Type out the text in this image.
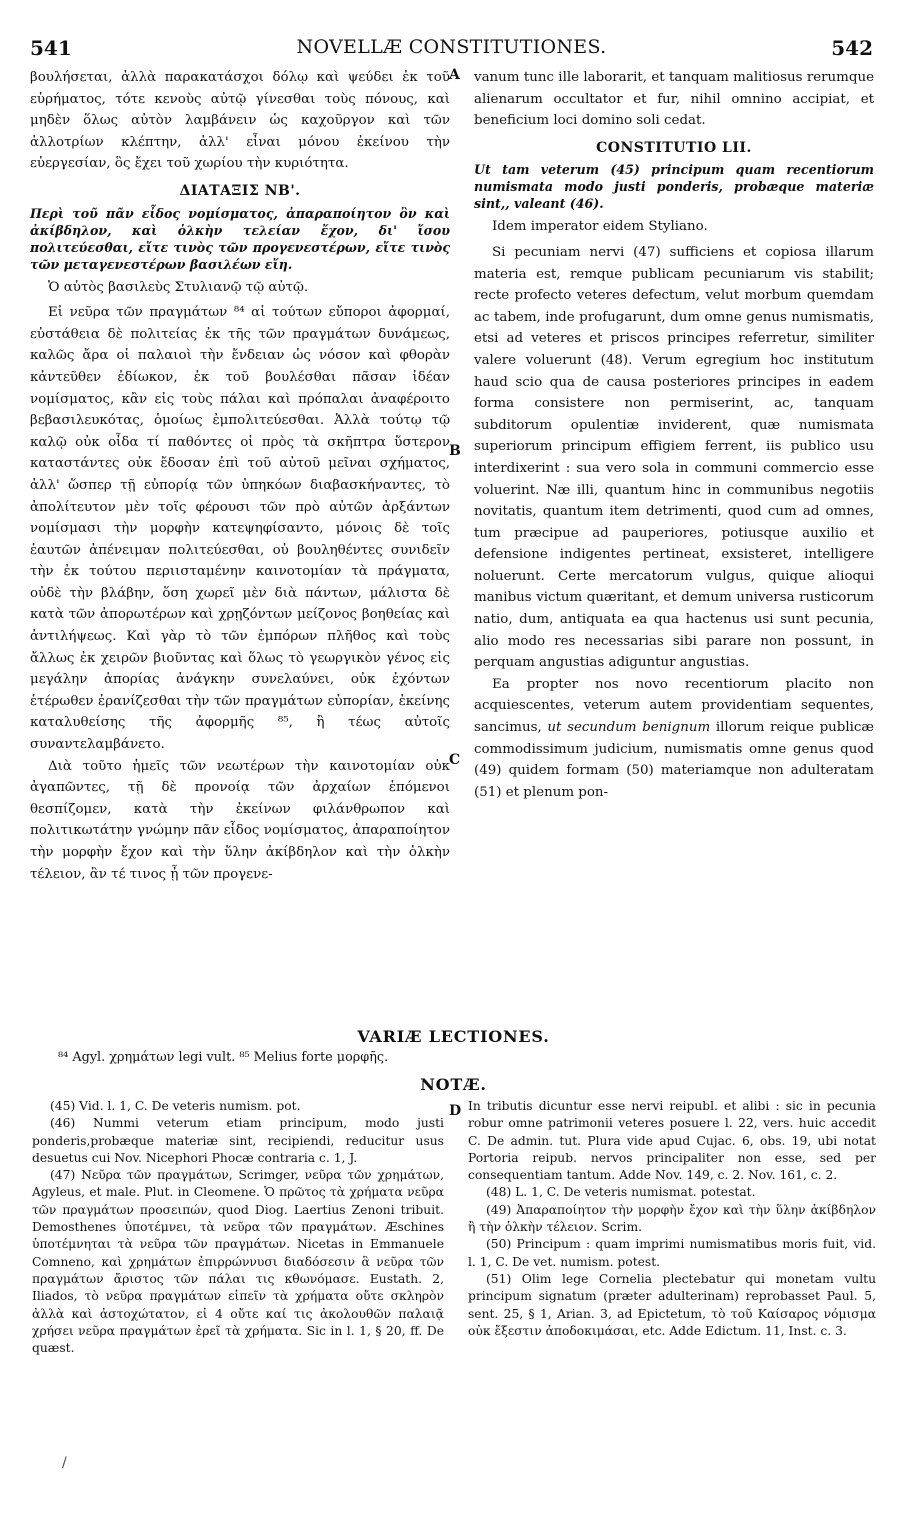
541	NOVELLÆ CONSTITUTIONES.	542

βουλήσεται, ἀλλὰ παρακατάσχοι δόλῳ καὶ ψεύδει ἐκ τοῦ εὑρήματος, τότε κενοὺς αὐτῷ γίνεσθαι τοὺς πόνους, καὶ μηδὲν ὅλως αὐτὸν λαμβάνειν ὡς καχοῦργον καὶ τῶν ἀλλοτρίων κλέπτην, ἀλλ' εἶναι μόνου ἐκείνου τὴν εὐεργεσίαν, ὃς ἔχει τοῦ χωρίου τὴν κυριότητα.

ΔΙΑΤΑΞΙΣ ΝΒ'.

Περὶ τοῦ πᾶν εἶδος νομίσματος, ἀπαραποίητον ὂν καὶ ἀκίβδηλον, καὶ ὁλκὴν τελείαν ἔχον, δι' ἴσου πολιτεύεσθαι, εἴτε τινὸς τῶν προγενεστέρων, εἴτε τινὸς τῶν μεταγενεστέρων βασιλέων εἴη.

Ὁ αὐτὸς βασιλεὺς Στυλιανῷ τῷ αὐτῷ.

Εἰ νεῦρα τῶν πραγμάτων ⁸⁴ αἱ τούτων εὔποροι ἀφορμαί, εὐστάθεια δὲ πολιτείας ἐκ τῆς τῶν πραγμάτων δυνάμεως, καλῶς ἄρα οἱ παλαιοὶ τὴν ἔνδειαν ὡς νόσον καὶ φθορὰν κἀντεῦθεν ἐδίωκον, ἐκ τοῦ βουλέσθαι πᾶσαν ἰδέαν νομίσματος, κἂν εἰς τοὺς πάλαι καὶ πρόπαλαι ἀναφέροιτο βεβασιλευκότας, ὁμοίως ἐμπολιτεύεσθαι. Ἀλλὰ τούτῳ τῷ καλῷ οὐκ οἶδα τί παθόντες οἱ πρὸς τὰ σκῆπτρα ὕστερον καταστάντες οὐκ ἔδοσαν ἐπὶ τοῦ αὐτοῦ μεῖναι σχήματος, ἀλλ' ὥσπερ τῇ εὐπορίᾳ τῶν ὑπηκόων διαβασκήναντες, τὸ ἀπολίτευτον μὲν τοῖς φέρουσι τῶν πρὸ αὐτῶν ἀρξάντων νομίσμασι τὴν μορφὴν κατεψηφίσαντο, μόνοις δὲ τοῖς ἑαυτῶν ἀπένειμαν πολιτεύεσθαι, οὐ βουληθέντες συνιδεῖν τὴν ἐκ τούτου περιισταμένην καινοτομίαν τὰ πράγματα, οὐδὲ τὴν βλάβην, ὅση χωρεῖ μὲν διὰ πάντων, μάλιστα δὲ κατὰ τῶν ἀπορωτέρων καὶ χρῃζόντων μείζονος βοηθείας καὶ ἀντιλήψεως. Καὶ γὰρ τὸ τῶν ἐμπόρων πλῆθος καὶ τοὺς ἄλλως ἐκ χειρῶν βιοῦντας καὶ ὅλως τὸ γεωργικὸν γένος εἰς μεγάλην ἀπορίας ἀνάγκην συνελαύνει, οὐκ ἐχόντων ἑτέρωθεν ἐρανίζεσθαι τὴν τῶν πραγμάτων εὐπορίαν, ἐκείνης καταλυθείσης τῆς ἀφορμῆς ⁸⁵, ἢ τέως αὐτοῖς συναντελαμβάνετο.

Διὰ τοῦτο ἡμεῖς τῶν νεωτέρων τὴν καινοτομίαν οὐκ ἀγαπῶντες, τῇ δὲ προνοίᾳ τῶν ἀρχαίων ἑπόμενοι θεσπίζομεν, κατὰ τὴν ἐκείνων φιλάνθρωπον καὶ πολιτικωτάτην γνώμην πᾶν εἶδος νομίσματος, ἀπαραποίητον τὴν μορφὴν ἔχον καὶ τὴν ὕλην ἀκίβδηλον καὶ τὴν ὁλκὴν τέλειον, ἂν τέ τινος ᾖ τῶν προγενε-

A
B
C
D

vanum tunc ille laborarit, et tanquam malitiosus rerumque alienarum occultator et fur, nihil omnino accipiat, et beneficium loci domino soli cedat.

CONSTITUTIO LII.

Ut tam veterum (45) principum quam recentiorum numismata modo justi ponderis, probæque materiæ sint,, valeant (46).

Idem imperator eidem Styliano.

Si pecuniam nervi (47) sufficiens et copiosa illarum materia est, remque publicam pecuniarum vis stabilit; recte profecto veteres defectum, velut morbum quemdam ac tabem, inde profugarunt, dum omne genus numismatis, etsi ad veteres et priscos principes referretur, similiter valere voluerunt (48). Verum egregium hoc institutum haud scio qua de causa posteriores principes in eadem forma consistere non permiserint, ac, tanquam subditorum opulentiæ inviderent, quæ numismata superiorum principum effigiem ferrent, iis publico usu interdixerint : sua vero sola in communi commercio esse voluerint. Næ illi, quantum hinc in communibus negotiis novitatis, quantum item detrimenti, quod cum ad omnes, tum præcipue ad pauperiores, potiusque auxilio et defensione indigentes pertineat, exsisteret, intelligere noluerunt. Certe mercatorum vulgus, quique alioqui manibus victum quæritant, et demum universa rusticorum natio, dum, antiquata ea qua hactenus usi sunt pecunia, alio modo res necessarias sibi parare non possunt, in perquam angustias adiguntur angustias.

Ea propter nos novo recentiorum placito non acquiescentes, veterum autem providentiam sequentes, sancimus, ut secundum benignum illorum reique publicæ commodissimum judicium, numismatis omne genus quod (49) quidem formam (50) materiamque non adulteratam (51) et plenum pon-

VARIÆ LECTIONES.
⁸⁴ Agyl. χρημάτων legi vult. ⁸⁵ Melius forte μορφῆς.
NOTÆ.

(45) Vid. l. 1, C. De veteris numism. pot.

(46) Nummi veterum etiam principum, modo justi ponderis,probæque materiæ sint, recipiendi, reducitur usus desuetus cui Nov. Nicephori Phocæ contraria c. 1, J.

(47) Νεῦρα τῶν πραγμάτων, Scrimger, νεῦρα τῶν χρημάτων, Agyleus, et male. Plut. in Cleomene. Ὁ πρῶτος τὰ χρήματα νεῦρα τῶν πραγμάτων προσειπών, quod Diog. Laertius Zenoni tribuit. Demosthenes ὑποτέμνει, τὰ νεῦρα τῶν πραγμάτων. Æschines ὑποτέμνηται τὰ νεῦρα τῶν πραγμάτων. Nicetas in Emmanuele Comneno, καὶ χρημάτων ἐπιρρώννυσι διαδόσεσιν ἃ νεῦρα τῶν πραγμάτων ἄριστος τῶν πάλαι τις κθωνόμασε. Eustath. 2, Iliados, τὸ νεῦρα πραγμάτων εἰπεῖν τὰ χρήματα οὔτε σκληρὸν ἀλλὰ καὶ ἀστοχώτατον, εἰ 4 οὔτε καί τις ἀκολουθῶν παλαιᾷ χρήσει νεῦρα πραγμάτων ἐρεῖ τὰ χρήματα. Sic in l. 1, § 20, ff. De quæst.

In tributis dicuntur esse nervi reipubl. et alibi : sic in pecunia robur omne patrimonii veteres posuere l. 22, vers. huic accedit C. De admin. tut. Plura vide apud Cujac. 6, obs. 19, ubi notat Portoria reipub. nervos principaliter non esse, sed per consequentiam tantum. Adde Nov. 149, c. 2. Nov. 161, c. 2.

(48) L. 1, C. De veteris numismat. potestat.

(49) Ἀπαραποίητον τὴν μορφὴν ἔχον καὶ τὴν ὕλην ἀκίβδηλον ἢ τὴν ὁλκὴν τέλειον. Scrim.

(50) Principum : quam imprimi numismatibus moris fuit, vid. l. 1, C. De vet. numism. potest.

(51) Olim lege Cornelia plectebatur qui monetam vultu principum signatum (præter adulterinam) reprobasset Paul. 5, sent. 25, § 1, Arian. 3, ad Epictetum, τὸ τοῦ Καίσαρος νόμισμα οὐκ ἔξεστιν ἀποδοκιμάσαι, etc. Adde Edictum. 11, Inst. c. 3.

/
